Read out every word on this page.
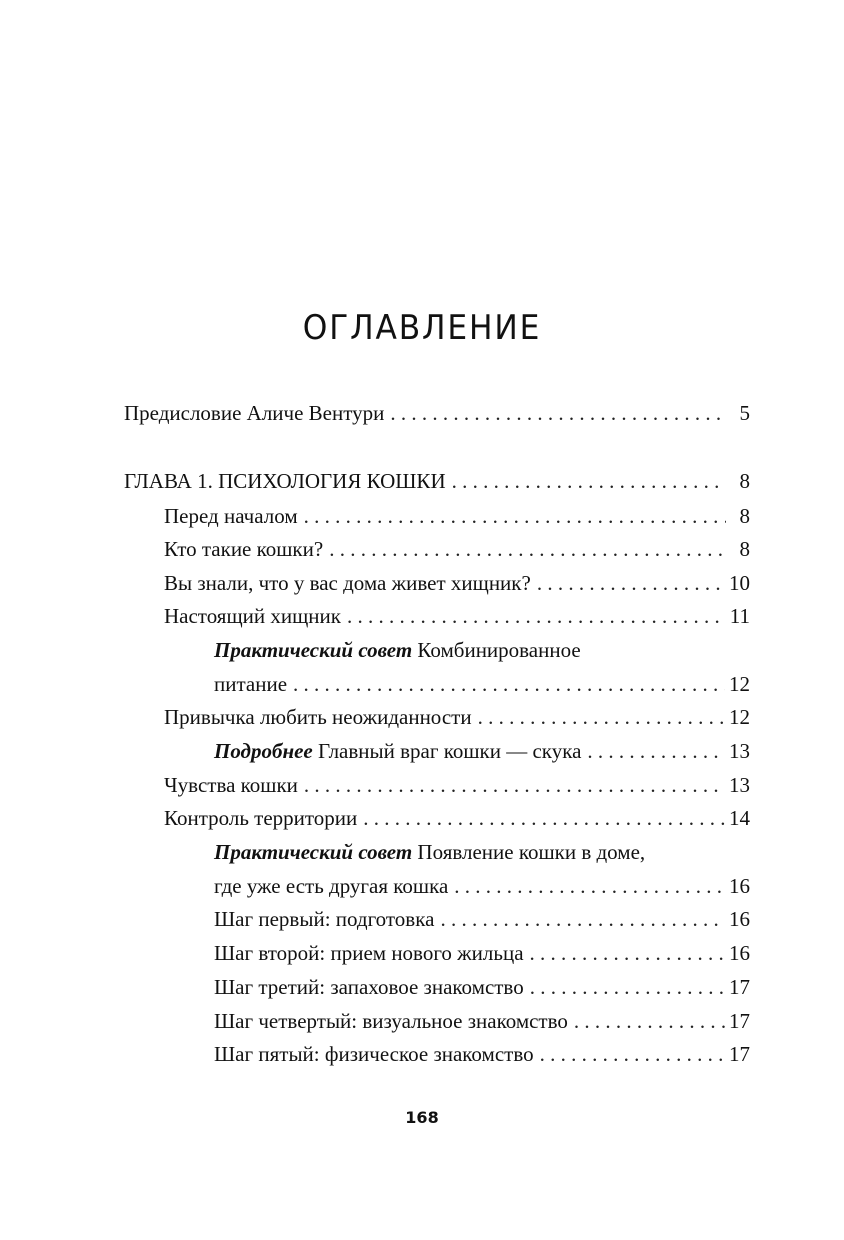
ОГЛАВЛЕНИЕ
Предисловие Аличе Вентури . . .	5
ГЛАВА 1. ПСИХОЛОГИЯ КОШКИ . . .	8
Перед началом . . .	8
Кто такие кошки? . . .	8
Вы знали, что у вас дома живет хищник? . . .	10
Настоящий хищник . . .	11
Практический совет Комбинированное
питание . . .	12
Привычка любить неожиданности . . .	12
Подробнее Главный враг кошки — скука . . .	13
Чувства кошки . . .	13
Контроль территории . . .	14
Практический совет Появление кошки в доме,
где уже есть другая кошка . . .	16
Шаг первый: подготовка . . .	16
Шаг второй: прием нового жильца . . .	16
Шаг третий: запаховое знакомство . . .	17
Шаг четвертый: визуальное знакомство . . .	17
Шаг пятый: физическое знакомство . . .	17
168
